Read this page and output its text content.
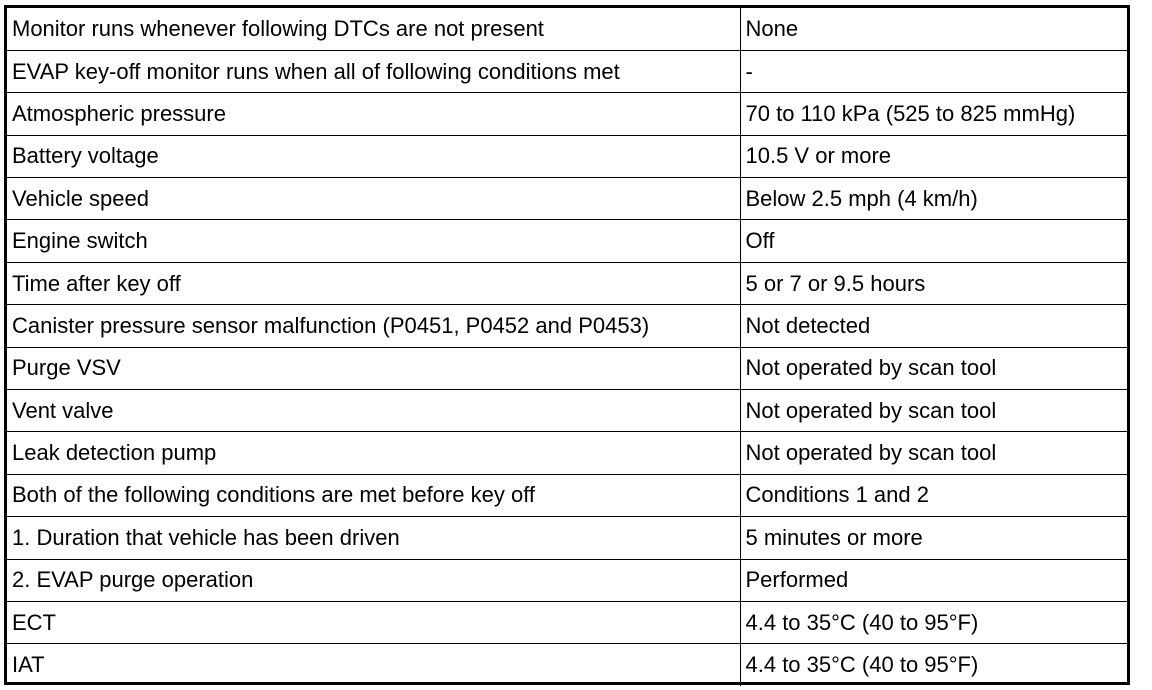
Monitor runs whenever following DTCs are not present	None
EVAP key-off monitor runs when all of following conditions met	-
Atmospheric pressure	70 to 110 kPa (525 to 825 mmHg)
Battery voltage	10.5 V or more
Vehicle speed	Below 2.5 mph (4 km/h)
Engine switch	Off
Time after key off	5 or 7 or 9.5 hours
Canister pressure sensor malfunction (P0451, P0452 and P0453)	Not detected
Purge VSV	Not operated by scan tool
Vent valve	Not operated by scan tool
Leak detection pump	Not operated by scan tool
Both of the following conditions are met before key off	Conditions 1 and 2
1. Duration that vehicle has been driven	5 minutes or more
2. EVAP purge operation	Performed
ECT	4.4 to 35°C (40 to 95°F)
IAT	4.4 to 35°C (40 to 95°F)
